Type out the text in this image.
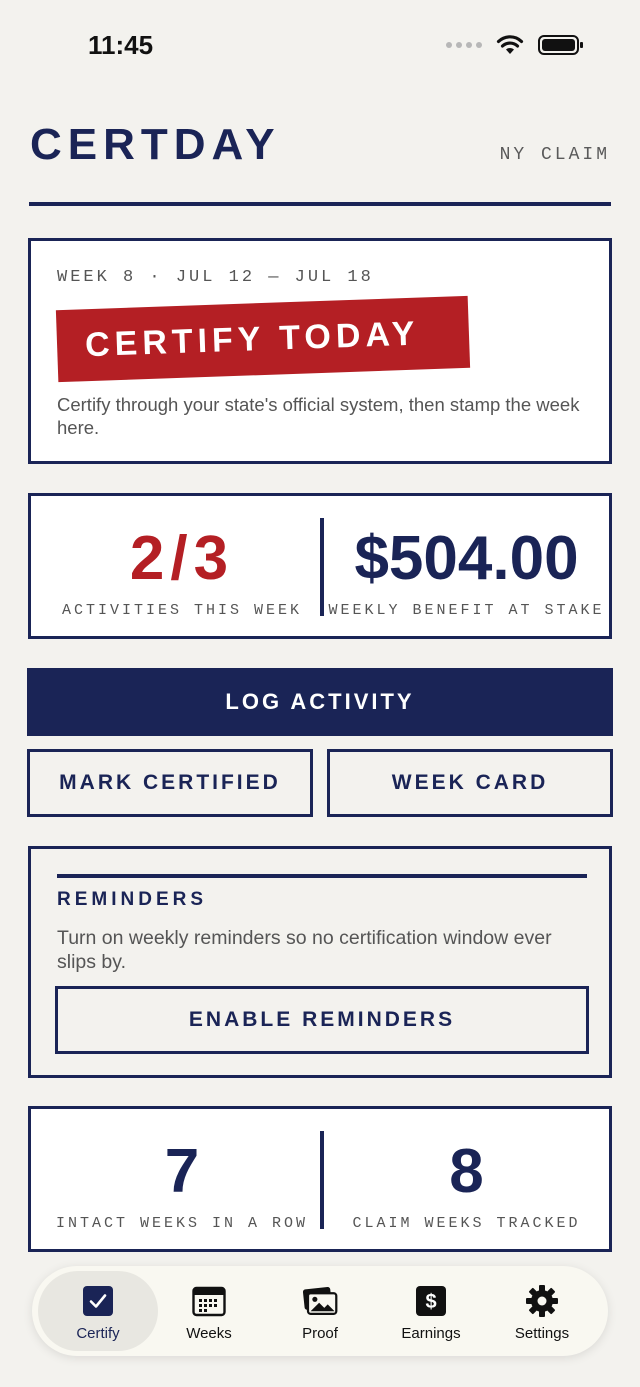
11:45
CERTDAY	NY CLAIM
WEEK 8 · JUL 12 — JUL 18
CERTIFY TODAY
Certify through your state's official system, then stamp the week here.
2/3
ACTIVITIES THIS WEEK
$504.00
WEEKLY BENEFIT AT STAKE
LOG ACTIVITY
MARK CERTIFIED	WEEK CARD
REMINDERS
Turn on weekly reminders so no certification window ever slips by.
ENABLE REMINDERS
7
INTACT WEEKS IN A ROW
8
CLAIM WEEKS TRACKED
Certify	Weeks	Proof
$
Earnings	Settings
